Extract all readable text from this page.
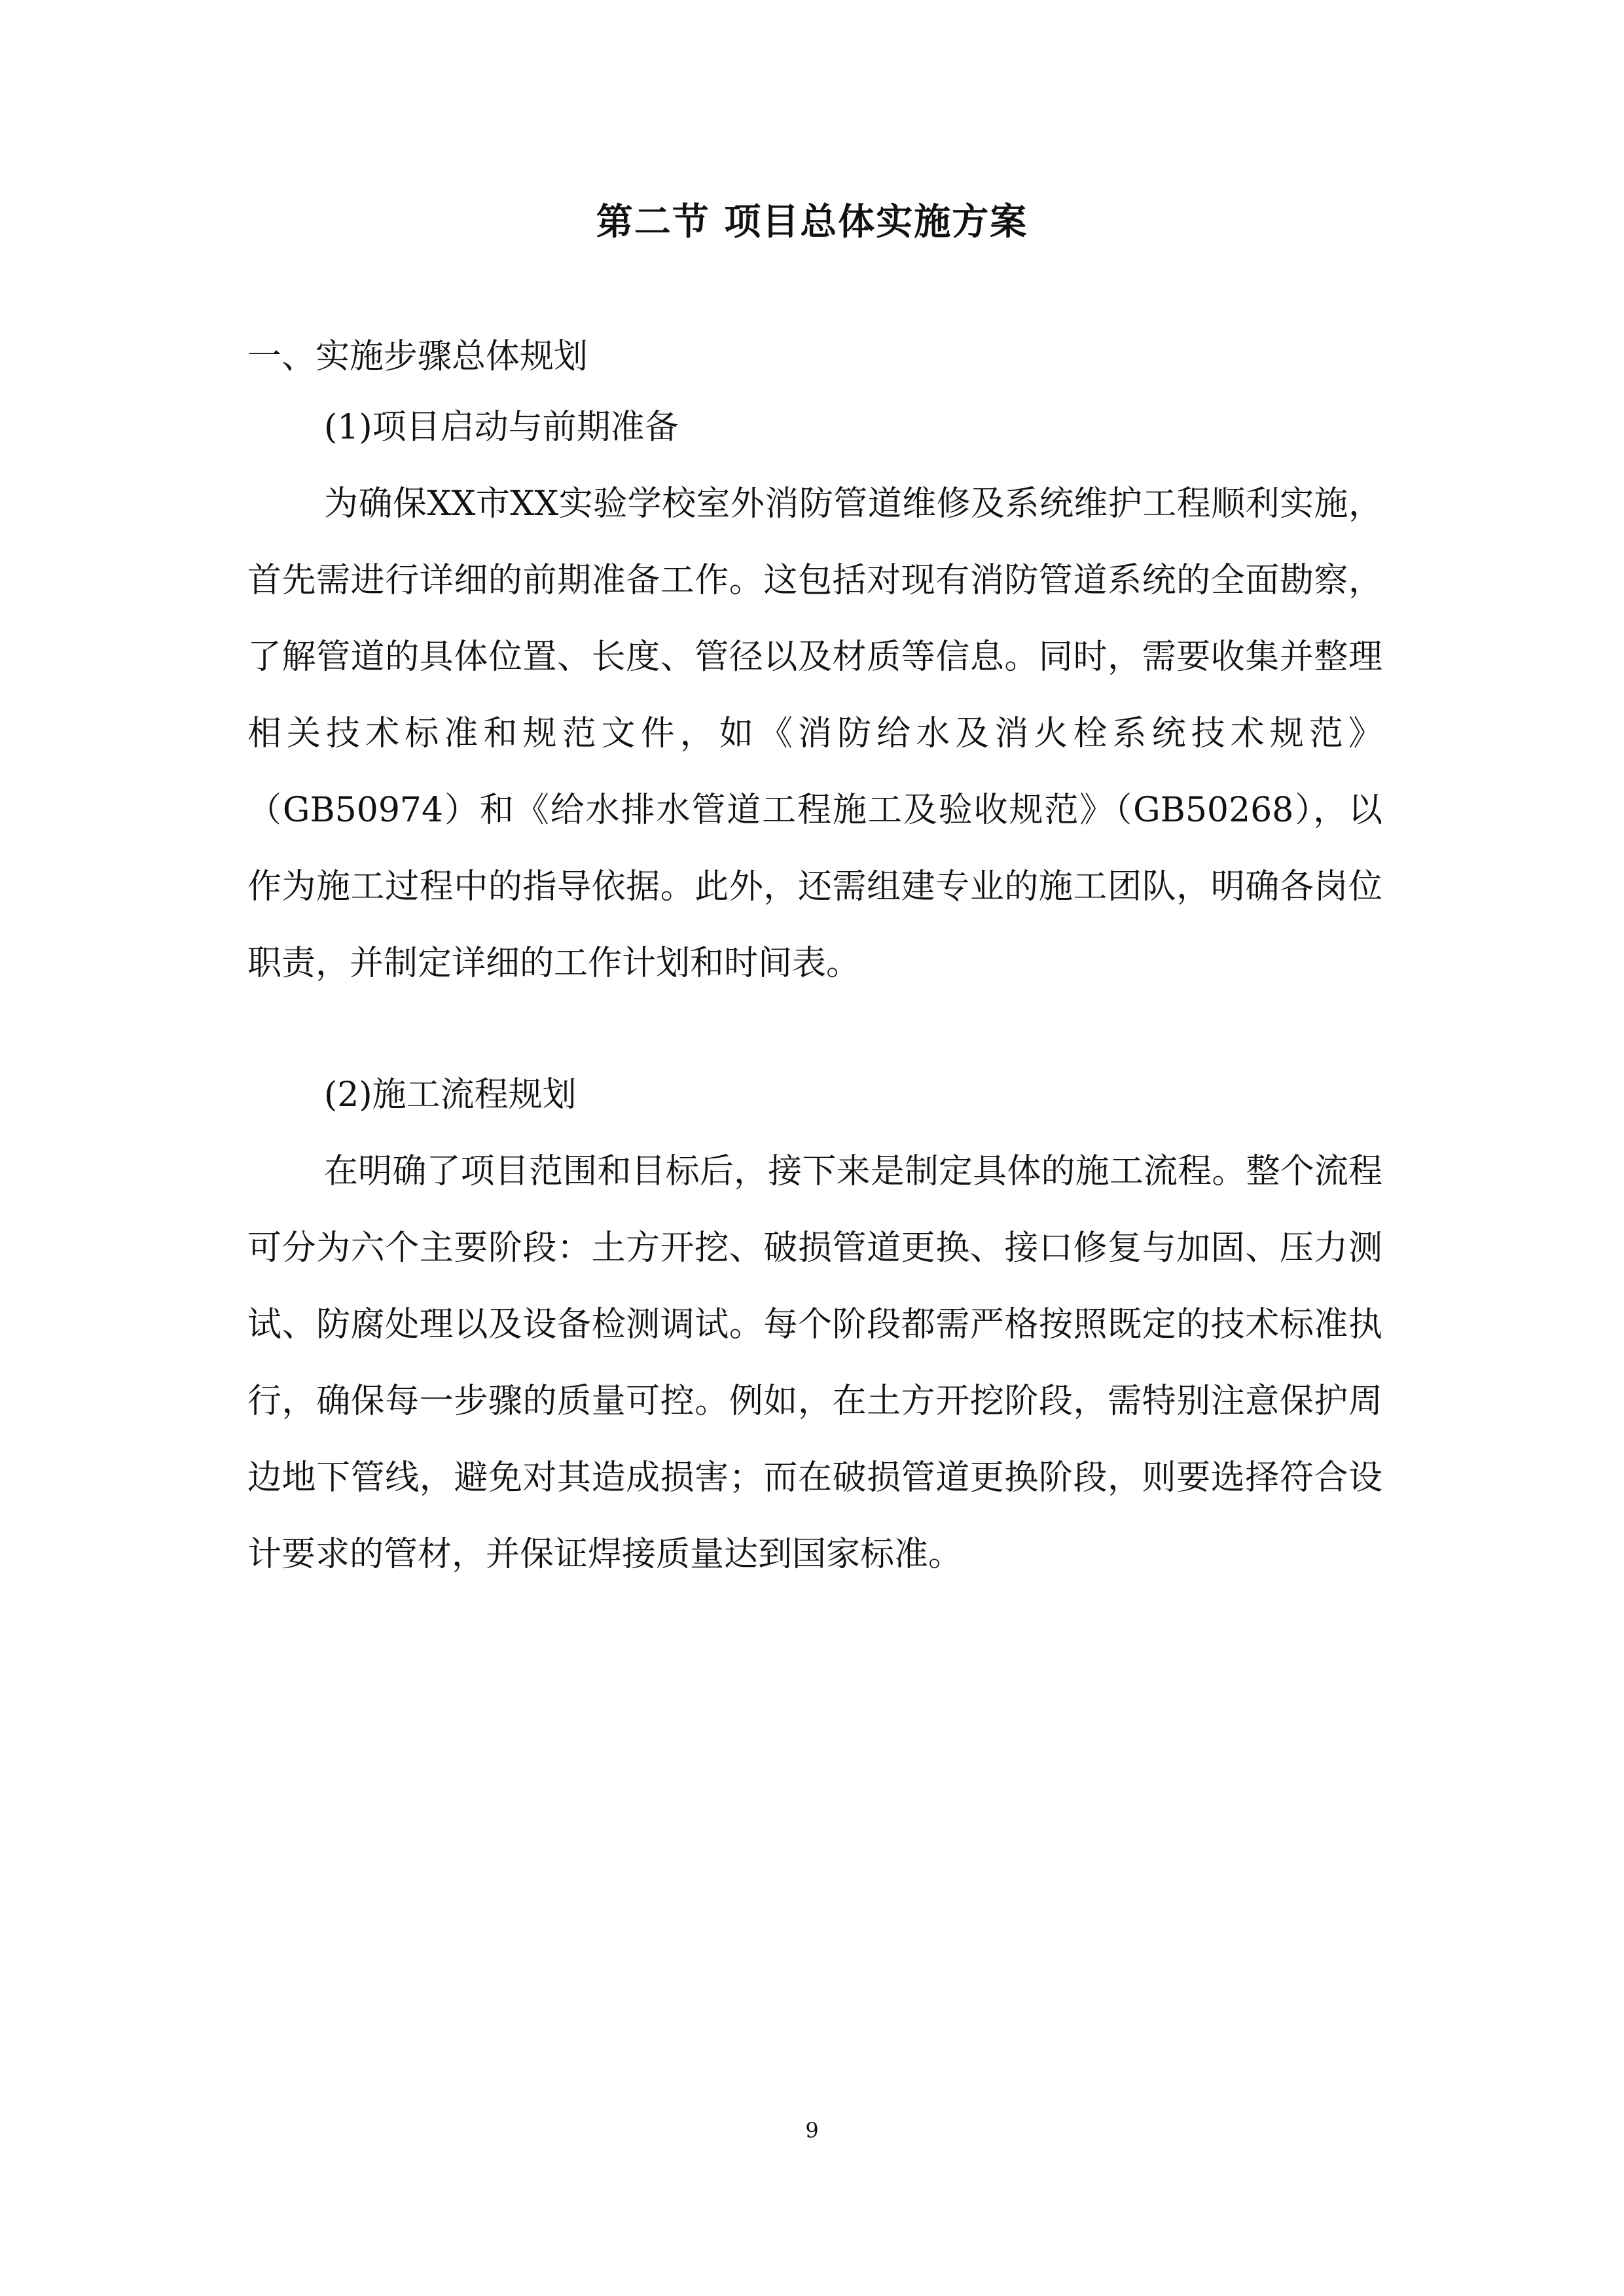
第二节 项目总体实施方案
一、实施步骤总体规划
(1)项目启动与前期准备

为确保XX市XX实验学校室外消防管道维修及系统维护工程顺利实施，首先需进行详细的前期准备工作。这包括对现有消防管道系统的全面勘察，了解管道的具体位置、长度、管径以及材质等信息。同时，需要收集并整理相关技术标准和规范文件，如《消防给水及消火栓系统技术规范》（GB50974）和《给水排水管道工程施工及验收规范》（GB50268），以作为施工过程中的指导依据。此外，还需组建专业的施工团队，明确各岗位职责，并制定详细的工作计划和时间表。

(2)施工流程规划

在明确了项目范围和目标后，接下来是制定具体的施工流程。整个流程可分为六个主要阶段：土方开挖、破损管道更换、接口修复与加固、压力测试、防腐处理以及设备检测调试。每个阶段都需严格按照既定的技术标准执行，确保每一步骤的质量可控。例如，在土方开挖阶段，需特别注意保护周边地下管线，避免对其造成损害；而在破损管道更换阶段，则要选择符合设计要求的管材，并保证焊接质量达到国家标准。

9
